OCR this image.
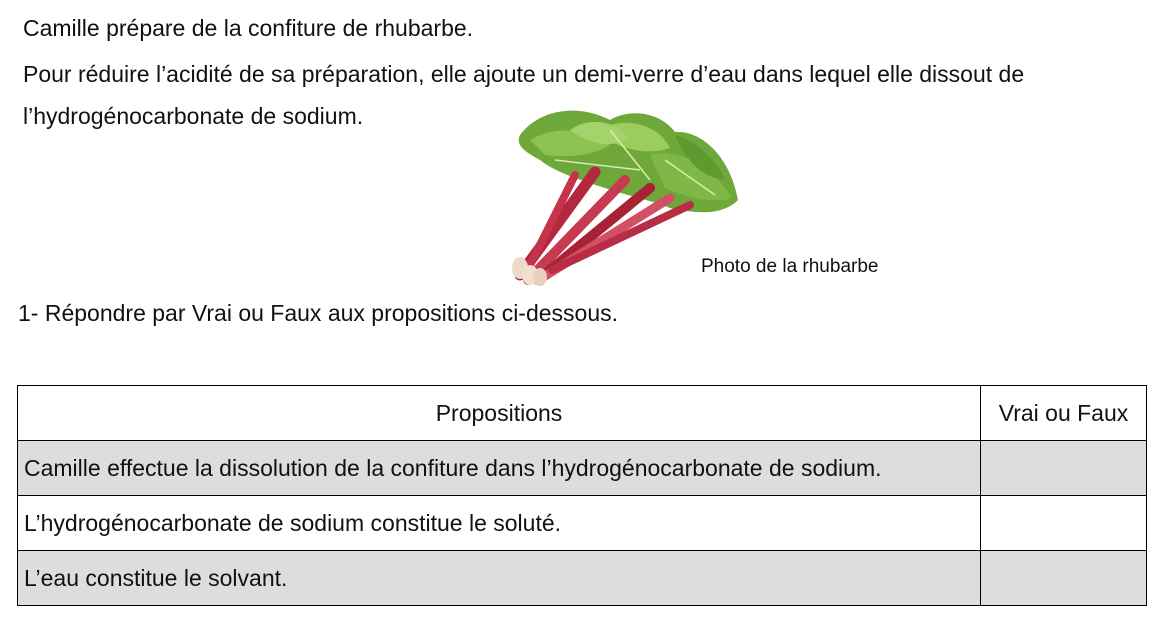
Camille prépare de la confiture de rhubarbe.

Pour réduire l’acidité de sa préparation, elle ajoute un demi-verre d’eau dans lequel elle dissout de

l’hydrogénocarbonate de sodium.

Photo de la rhubarbe
1- Répondre par Vrai ou Faux aux propositions ci-dessous.
Propositions	Vrai ou Faux
Camille effectue la dissolution de la confiture dans l’hydrogénocarbonate de sodium.	
L’hydrogénocarbonate de sodium constitue le soluté.	
L’eau constitue le solvant.	
